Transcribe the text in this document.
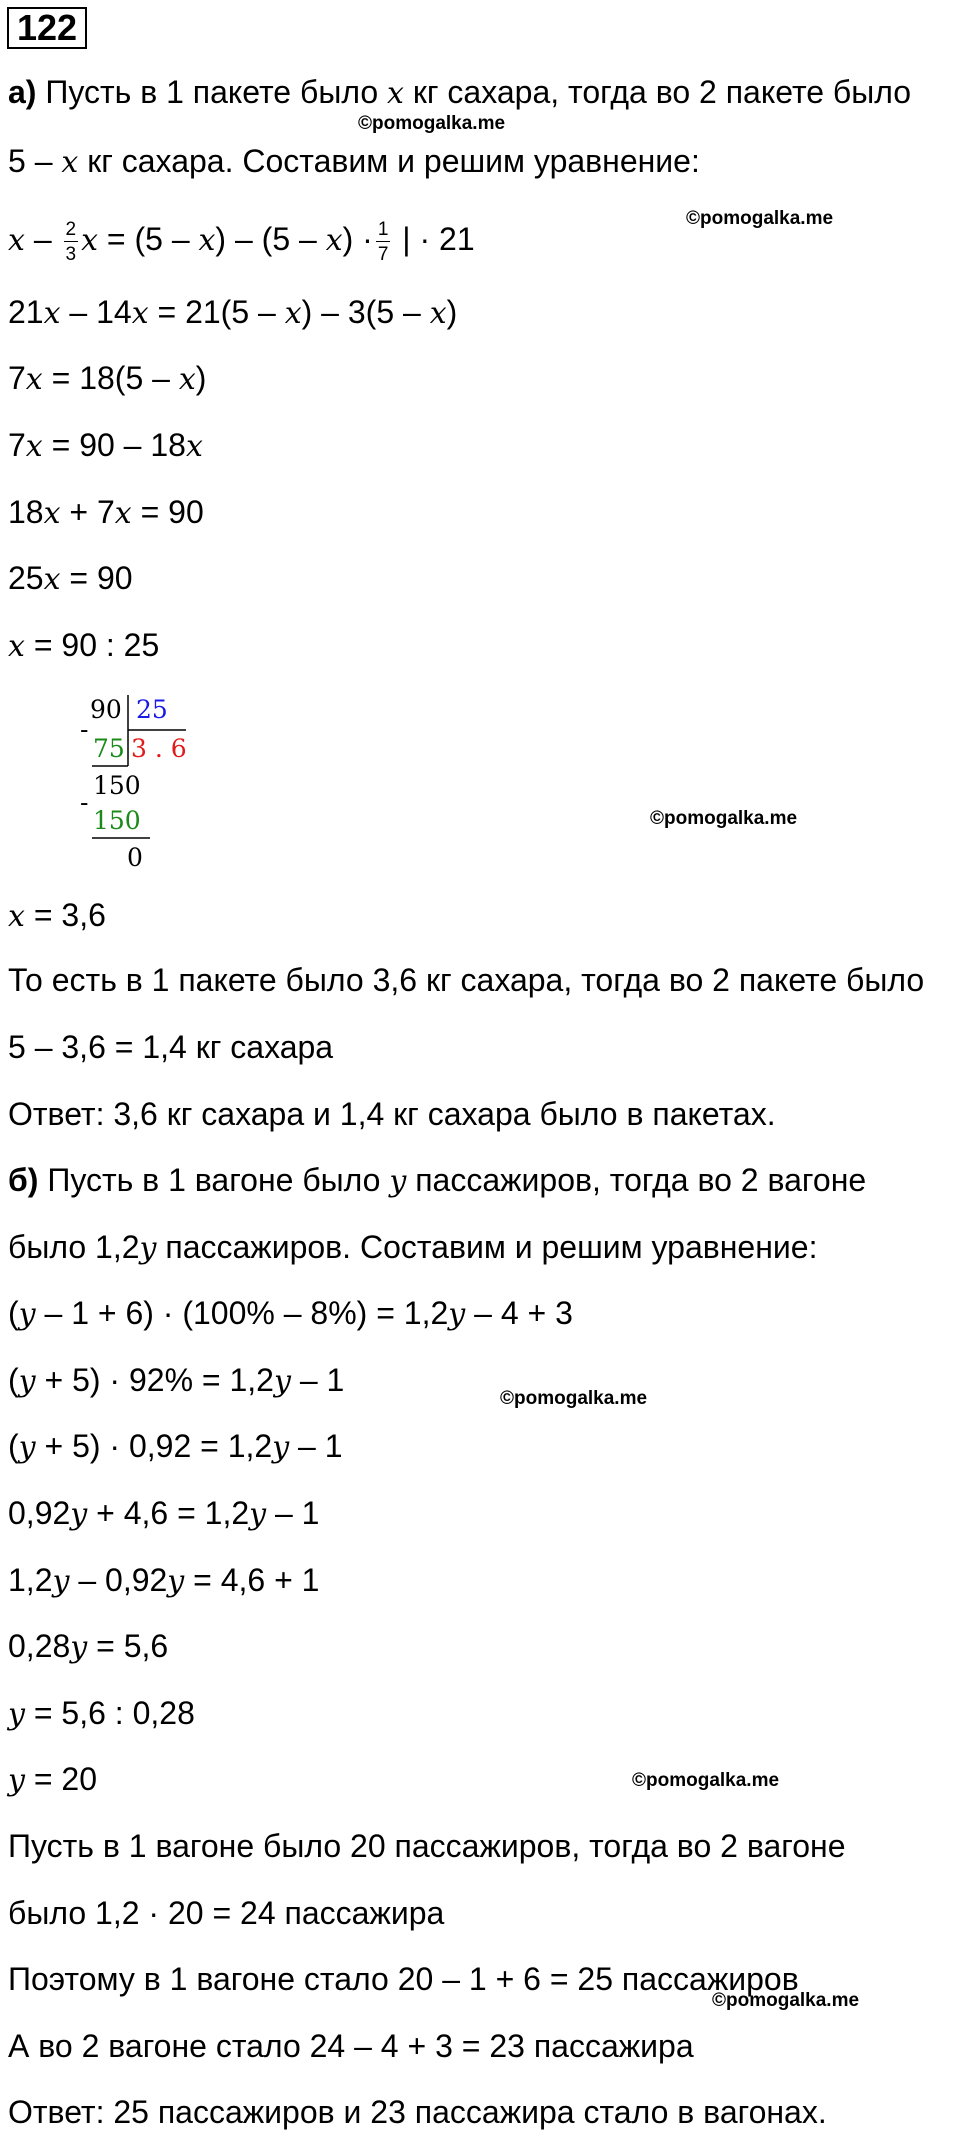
122
а) Пусть в 1 пакете было x кг сахара, тогда во 2 пакете было
5 – x кг сахара. Составим и решим уравнение:
x – $\frac{2}{3}$ $x = (5 - x) - (5 - x) \cdot \frac{1}{7}$ | · 21
21x – 14x = 21(5 – x) – 3(5 – x)
7x = 18(5 – x)
7x = 90 – 18x
18x + 7x = 90
25x = 90
x = 90 : 25
90 25
-
75 3 . 6
150
-
150
0
x = 3,6
То есть в 1 пакете было 3,6 кг сахара, тогда во 2 пакете было
5 – 3,6 = 1,4 кг сахара
Ответ: 3,6 кг сахара и 1,4 кг сахара было в пакетах.
б) Пусть в 1 вагоне было y пассажиров, тогда во 2 вагоне
было 1,2y пассажиров. Составим и решим уравнение:
(y – 1 + 6) · (100% – 8%) = 1,2y – 4 + 3
(y + 5) · 92% = 1,2y – 1
(y + 5) · 0,92 = 1,2y – 1
0,92y + 4,6 = 1,2y – 1
1,2y – 0,92y = 4,6 + 1
0,28y = 5,6
y = 5,6 : 0,28
y = 20
Пусть в 1 вагоне было 20 пассажиров, тогда во 2 вагоне
было 1,2 · 20 = 24 пассажира
Поэтому в 1 вагоне стало 20 – 1 + 6 = 25 пассажиров
А во 2 вагоне стало 24 – 4 + 3 = 23 пассажира
Ответ: 25 пассажиров и 23 пассажира стало в вагонах.
©pomogalka.me
©pomogalka.me
©pomogalka.me
©pomogalka.me
©pomogalka.me
©pomogalka.me
